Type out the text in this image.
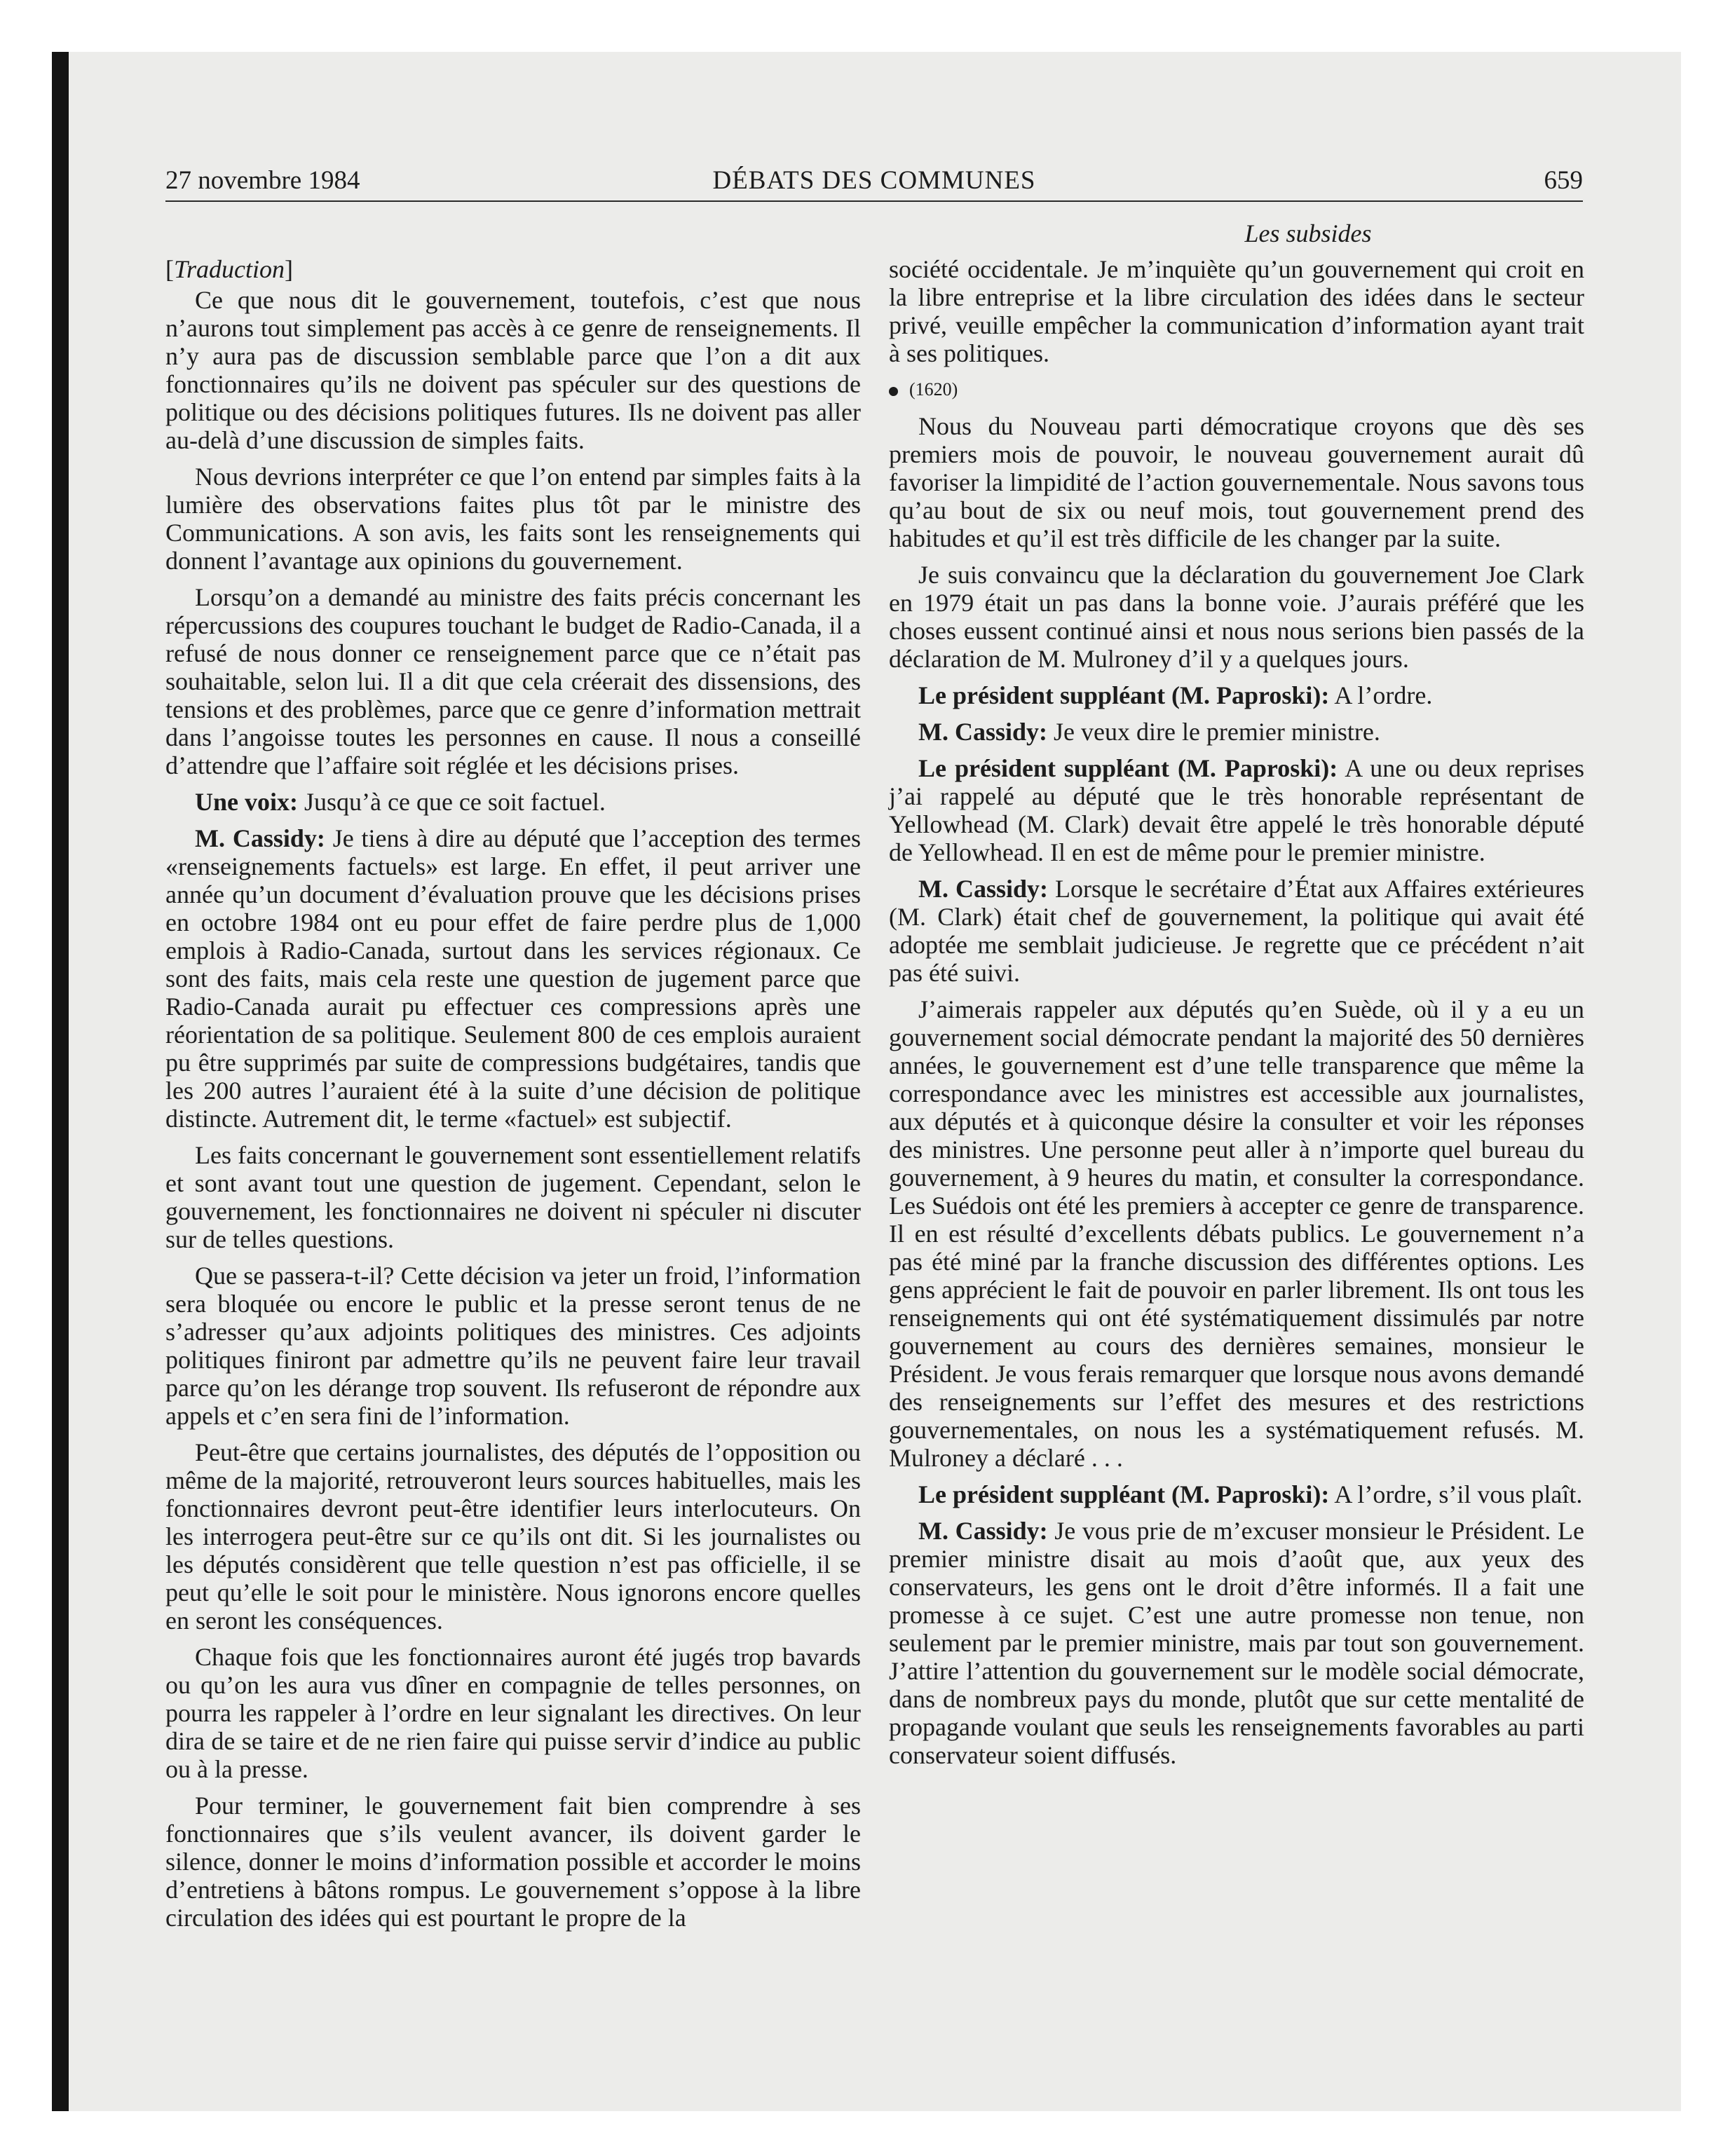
27 novembre 1984	DÉBATS DES COMMUNES	659
Les subsides

[Traduction]

Ce que nous dit le gouvernement, toutefois, c’est que nous n’aurons tout simplement pas accès à ce genre de renseignements. Il n’y aura pas de discussion semblable parce que l’on a dit aux fonctionnaires qu’ils ne doivent pas spéculer sur des questions de politique ou des décisions politiques futures. Ils ne doivent pas aller au-delà d’une discussion de simples faits.

Nous devrions interpréter ce que l’on entend par simples faits à la lumière des observations faites plus tôt par le ministre des Communications. A son avis, les faits sont les renseignements qui donnent l’avantage aux opinions du gouvernement.

Lorsqu’on a demandé au ministre des faits précis concernant les répercussions des coupures touchant le budget de Radio-Canada, il a refusé de nous donner ce renseignement parce que ce n’était pas souhaitable, selon lui. Il a dit que cela créerait des dissensions, des tensions et des problèmes, parce que ce genre d’information mettrait dans l’angoisse toutes les personnes en cause. Il nous a conseillé d’attendre que l’affaire soit réglée et les décisions prises.

Une voix: Jusqu’à ce que ce soit factuel.

M. Cassidy: Je tiens à dire au député que l’acception des termes «renseignements factuels» est large. En effet, il peut arriver une année qu’un document d’évaluation prouve que les décisions prises en octobre 1984 ont eu pour effet de faire perdre plus de 1,000 emplois à Radio-Canada, surtout dans les services régionaux. Ce sont des faits, mais cela reste une question de jugement parce que Radio-Canada aurait pu effectuer ces compressions après une réorientation de sa politique. Seulement 800 de ces emplois auraient pu être supprimés par suite de compressions budgétaires, tandis que les 200 autres l’auraient été à la suite d’une décision de politique distincte. Autrement dit, le terme «factuel» est subjectif.

Les faits concernant le gouvernement sont essentiellement relatifs et sont avant tout une question de jugement. Cependant, selon le gouvernement, les fonctionnaires ne doivent ni spéculer ni discuter sur de telles questions.

Que se passera-t-il? Cette décision va jeter un froid, l’information sera bloquée ou encore le public et la presse seront tenus de ne s’adresser qu’aux adjoints politiques des ministres. Ces adjoints politiques finiront par admettre qu’ils ne peuvent faire leur travail parce qu’on les dérange trop souvent. Ils refuseront de répondre aux appels et c’en sera fini de l’information.

Peut-être que certains journalistes, des députés de l’opposition ou même de la majorité, retrouveront leurs sources habituelles, mais les fonctionnaires devront peut-être identifier leurs interlocuteurs. On les interrogera peut-être sur ce qu’ils ont dit. Si les journalistes ou les députés considèrent que telle question n’est pas officielle, il se peut qu’elle le soit pour le ministère. Nous ignorons encore quelles en seront les conséquences.

Chaque fois que les fonctionnaires auront été jugés trop bavards ou qu’on les aura vus dîner en compagnie de telles personnes, on pourra les rappeler à l’ordre en leur signalant les directives. On leur dira de se taire et de ne rien faire qui puisse servir d’indice au public ou à la presse.

Pour terminer, le gouvernement fait bien comprendre à ses fonctionnaires que s’ils veulent avancer, ils doivent garder le silence, donner le moins d’information possible et accorder le moins d’entretiens à bâtons rompus. Le gouvernement s’oppose à la libre circulation des idées qui est pourtant le propre de la

société occidentale. Je m’inquiète qu’un gouvernement qui croit en la libre entreprise et la libre circulation des idées dans le secteur privé, veuille empêcher la communication d’information ayant trait à ses politiques.

(1620)

Nous du Nouveau parti démocratique croyons que dès ses premiers mois de pouvoir, le nouveau gouvernement aurait dû favoriser la limpidité de l’action gouvernementale. Nous savons tous qu’au bout de six ou neuf mois, tout gouvernement prend des habitudes et qu’il est très difficile de les changer par la suite.

Je suis convaincu que la déclaration du gouvernement Joe Clark en 1979 était un pas dans la bonne voie. J’aurais préféré que les choses eussent continué ainsi et nous nous serions bien passés de la déclaration de M. Mulroney d’il y a quelques jours.

Le président suppléant (M. Paproski): A l’ordre.

M. Cassidy: Je veux dire le premier ministre.

Le président suppléant (M. Paproski): A une ou deux reprises j’ai rappelé au député que le très honorable représentant de Yellowhead (M. Clark) devait être appelé le très honorable député de Yellowhead. Il en est de même pour le premier ministre.

M. Cassidy: Lorsque le secrétaire d’État aux Affaires extérieures (M. Clark) était chef de gouvernement, la politique qui avait été adoptée me semblait judicieuse. Je regrette que ce précédent n’ait pas été suivi.

J’aimerais rappeler aux députés qu’en Suède, où il y a eu un gouvernement social démocrate pendant la majorité des 50 dernières années, le gouvernement est d’une telle transparence que même la correspondance avec les ministres est accessible aux journalistes, aux députés et à quiconque désire la consulter et voir les réponses des ministres. Une personne peut aller à n’importe quel bureau du gouvernement, à 9 heures du matin, et consulter la correspondance. Les Suédois ont été les premiers à accepter ce genre de transparence. Il en est résulté d’excellents débats publics. Le gouvernement n’a pas été miné par la franche discussion des différentes options. Les gens apprécient le fait de pouvoir en parler librement. Ils ont tous les renseignements qui ont été systématiquement dissimulés par notre gouvernement au cours des dernières semaines, monsieur le Président. Je vous ferais remarquer que lorsque nous avons demandé des renseignements sur l’effet des mesures et des restrictions gouvernementales, on nous les a systématiquement refusés. M. Mulroney a déclaré . . .

Le président suppléant (M. Paproski): A l’ordre, s’il vous plaît.

M. Cassidy: Je vous prie de m’excuser monsieur le Président. Le premier ministre disait au mois d’août que, aux yeux des conservateurs, les gens ont le droit d’être informés. Il a fait une promesse à ce sujet. C’est une autre promesse non tenue, non seulement par le premier ministre, mais par tout son gouvernement. J’attire l’attention du gouvernement sur le modèle social démocrate, dans de nombreux pays du monde, plutôt que sur cette mentalité de propagande voulant que seuls les renseignements favorables au parti conservateur soient diffusés.
